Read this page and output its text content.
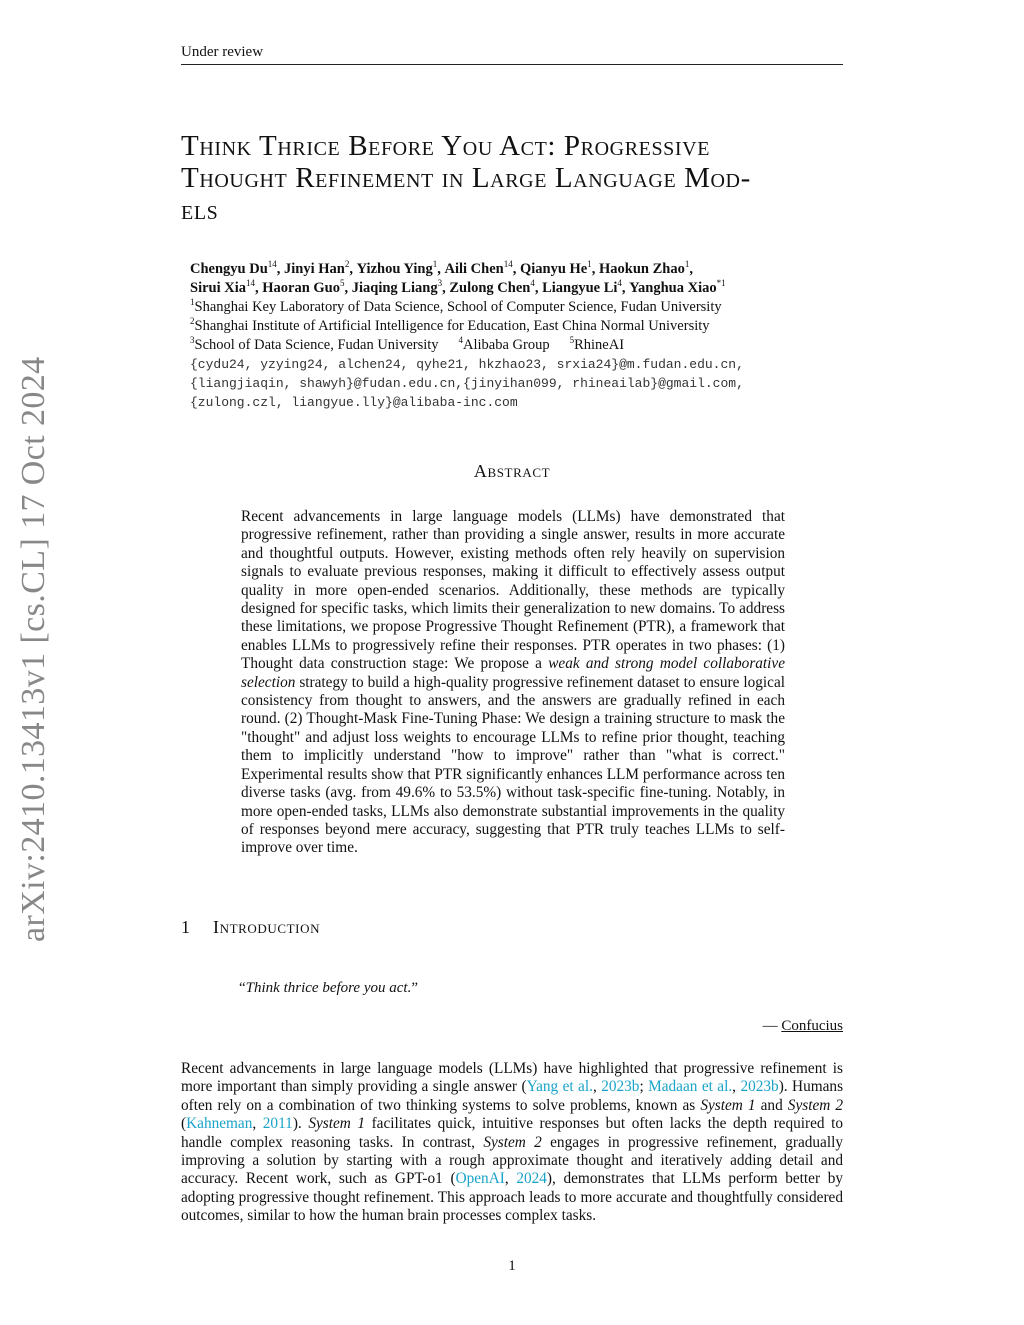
Under review
arXiv:2410.13413v1 [cs.CL] 17 Oct 2024
Think Thrice Before You Act: Progressive
Thought Refinement in Large Language Mod-
els
Chengyu Du$^{14}$, Jinyi Han$^2$, Yizhou Ying$^1$, Aili Chen$^{14}$, Qianyu He$^1$, Haokun Zhao$^1$,
Sirui Xia$^{14}$, Haoran Guo$^5$, Jiaqing Liang$^3$, Zulong Chen$^4$, Liangyue Li$^4$, Yanghua Xiao$^{*1}$
$^1$Shanghai Key Laboratory of Data Science, School of Computer Science, Fudan University
$^2$Shanghai Institute of Artificial Intelligence for Education, East China Normal University
$^3$School of Data Science, Fudan University $^4$Alibaba Group $^5$RhineAI
{cydu24, yzying24, alchen24, qyhe21, hkzhao23, srxia24}@m.fudan.edu.cn,
{liangjiaqin, shawyh}@fudan.edu.cn,{jinyihan099, rhineailab}@gmail.com,
{zulong.czl, liangyue.lly}@alibaba-inc.com
Abstract
Recent advancements in large language models (LLMs) have demonstrated that progressive refinement, rather than providing a single answer, results in more accurate and thoughtful outputs. However, existing methods often rely heavily on supervision signals to evaluate previous responses, making it difficult to effectively assess output quality in more open-ended scenarios. Additionally, these methods are typically designed for specific tasks, which limits their generalization to new domains. To address these limitations, we propose Progressive Thought Refinement (PTR), a framework that enables LLMs to progressively refine their responses. PTR operates in two phases: (1) Thought data construction stage: We propose a weak and strong model collaborative selection strategy to build a high-quality progressive refinement dataset to ensure logical consistency from thought to answers, and the answers are gradually refined in each round. (2) Thought-Mask Fine-Tuning Phase: We design a training structure to mask the "thought" and adjust loss weights to encourage LLMs to refine prior thought, teaching them to implicitly understand "how to improve" rather than "what is correct." Experimental results show that PTR significantly enhances LLM performance across ten diverse tasks (avg. from 49.6% to 53.5%) without task-specific fine-tuning. Notably, in more open-ended tasks, LLMs also demonstrate substantial improvements in the quality of responses beyond mere accuracy, suggesting that PTR truly teaches LLMs to self-improve over time.
1 Introduction
“Think thrice before you act.”
— Confucius
Recent advancements in large language models (LLMs) have highlighted that progressive refinement is more important than simply providing a single answer (Yang et al., 2023b; Madaan et al., 2023b). Humans often rely on a combination of two thinking systems to solve problems, known as System 1 and System 2 (Kahneman, 2011). System 1 facilitates quick, intuitive responses but often lacks the depth required to handle complex reasoning tasks. In contrast, System 2 engages in progressive refinement, gradually improving a solution by starting with a rough approximate thought and iteratively adding detail and accuracy. Recent work, such as GPT-o1 (OpenAI, 2024), demonstrates that LLMs perform better by adopting progressive thought refinement. This approach leads to more accurate and thoughtfully considered outcomes, similar to how the human brain processes complex tasks.
1
